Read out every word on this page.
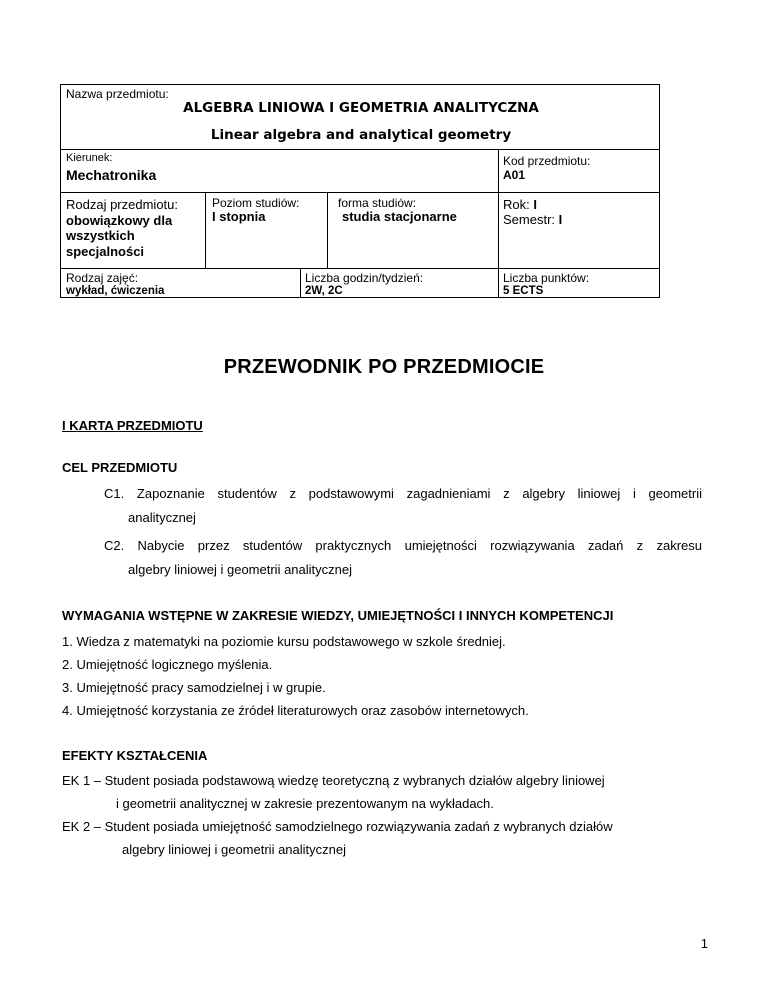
Nazwa przedmiotu:
ALGEBRA LINIOWA I GEOMETRIA ANALITYCZNA
Linear algebra and analytical geometry
Kierunek:
Mechatronika
Kod przedmiotu:
A01
Rodzaj przedmiotu:
obowiązkowy dla
wszystkich
specjalności
Poziom studiów:
I stopnia
forma studiów:
studia stacjonarne
Rok: I
Semestr: I
Rodzaj zajęć:
wykład, ćwiczenia
Liczba godzin/tydzień:
2W, 2C
Liczba punktów:
5 ECTS
PRZEWODNIK PO PRZEDMIOCIE
I KARTA PRZEDMIOTU
CEL PRZEDMIOTU
C1. Zapoznanie studentów z podstawowymi zagadnieniami z algebry liniowej i geometrii
analitycznej
C2. Nabycie przez studentów praktycznych umiejętności rozwiązywania zadań z zakresu
algebry liniowej i geometrii analitycznej
WYMAGANIA WSTĘPNE W ZAKRESIE WIEDZY, UMIEJĘTNOŚCI I INNYCH KOMPETENCJI
1. Wiedza z matematyki na poziomie kursu podstawowego w szkole średniej.
2. Umiejętność logicznego myślenia.
3. Umiejętność pracy samodzielnej i w grupie.
4. Umiejętność korzystania ze źródeł literaturowych oraz zasobów internetowych.
EFEKTY KSZTAŁCENIA
EK 1 – Student posiada podstawową wiedzę teoretyczną z wybranych działów algebry liniowej
i geometrii analitycznej w zakresie prezentowanym na wykładach.
EK 2 – Student posiada umiejętność samodzielnego rozwiązywania zadań z wybranych działów
algebry liniowej i geometrii analitycznej
1
